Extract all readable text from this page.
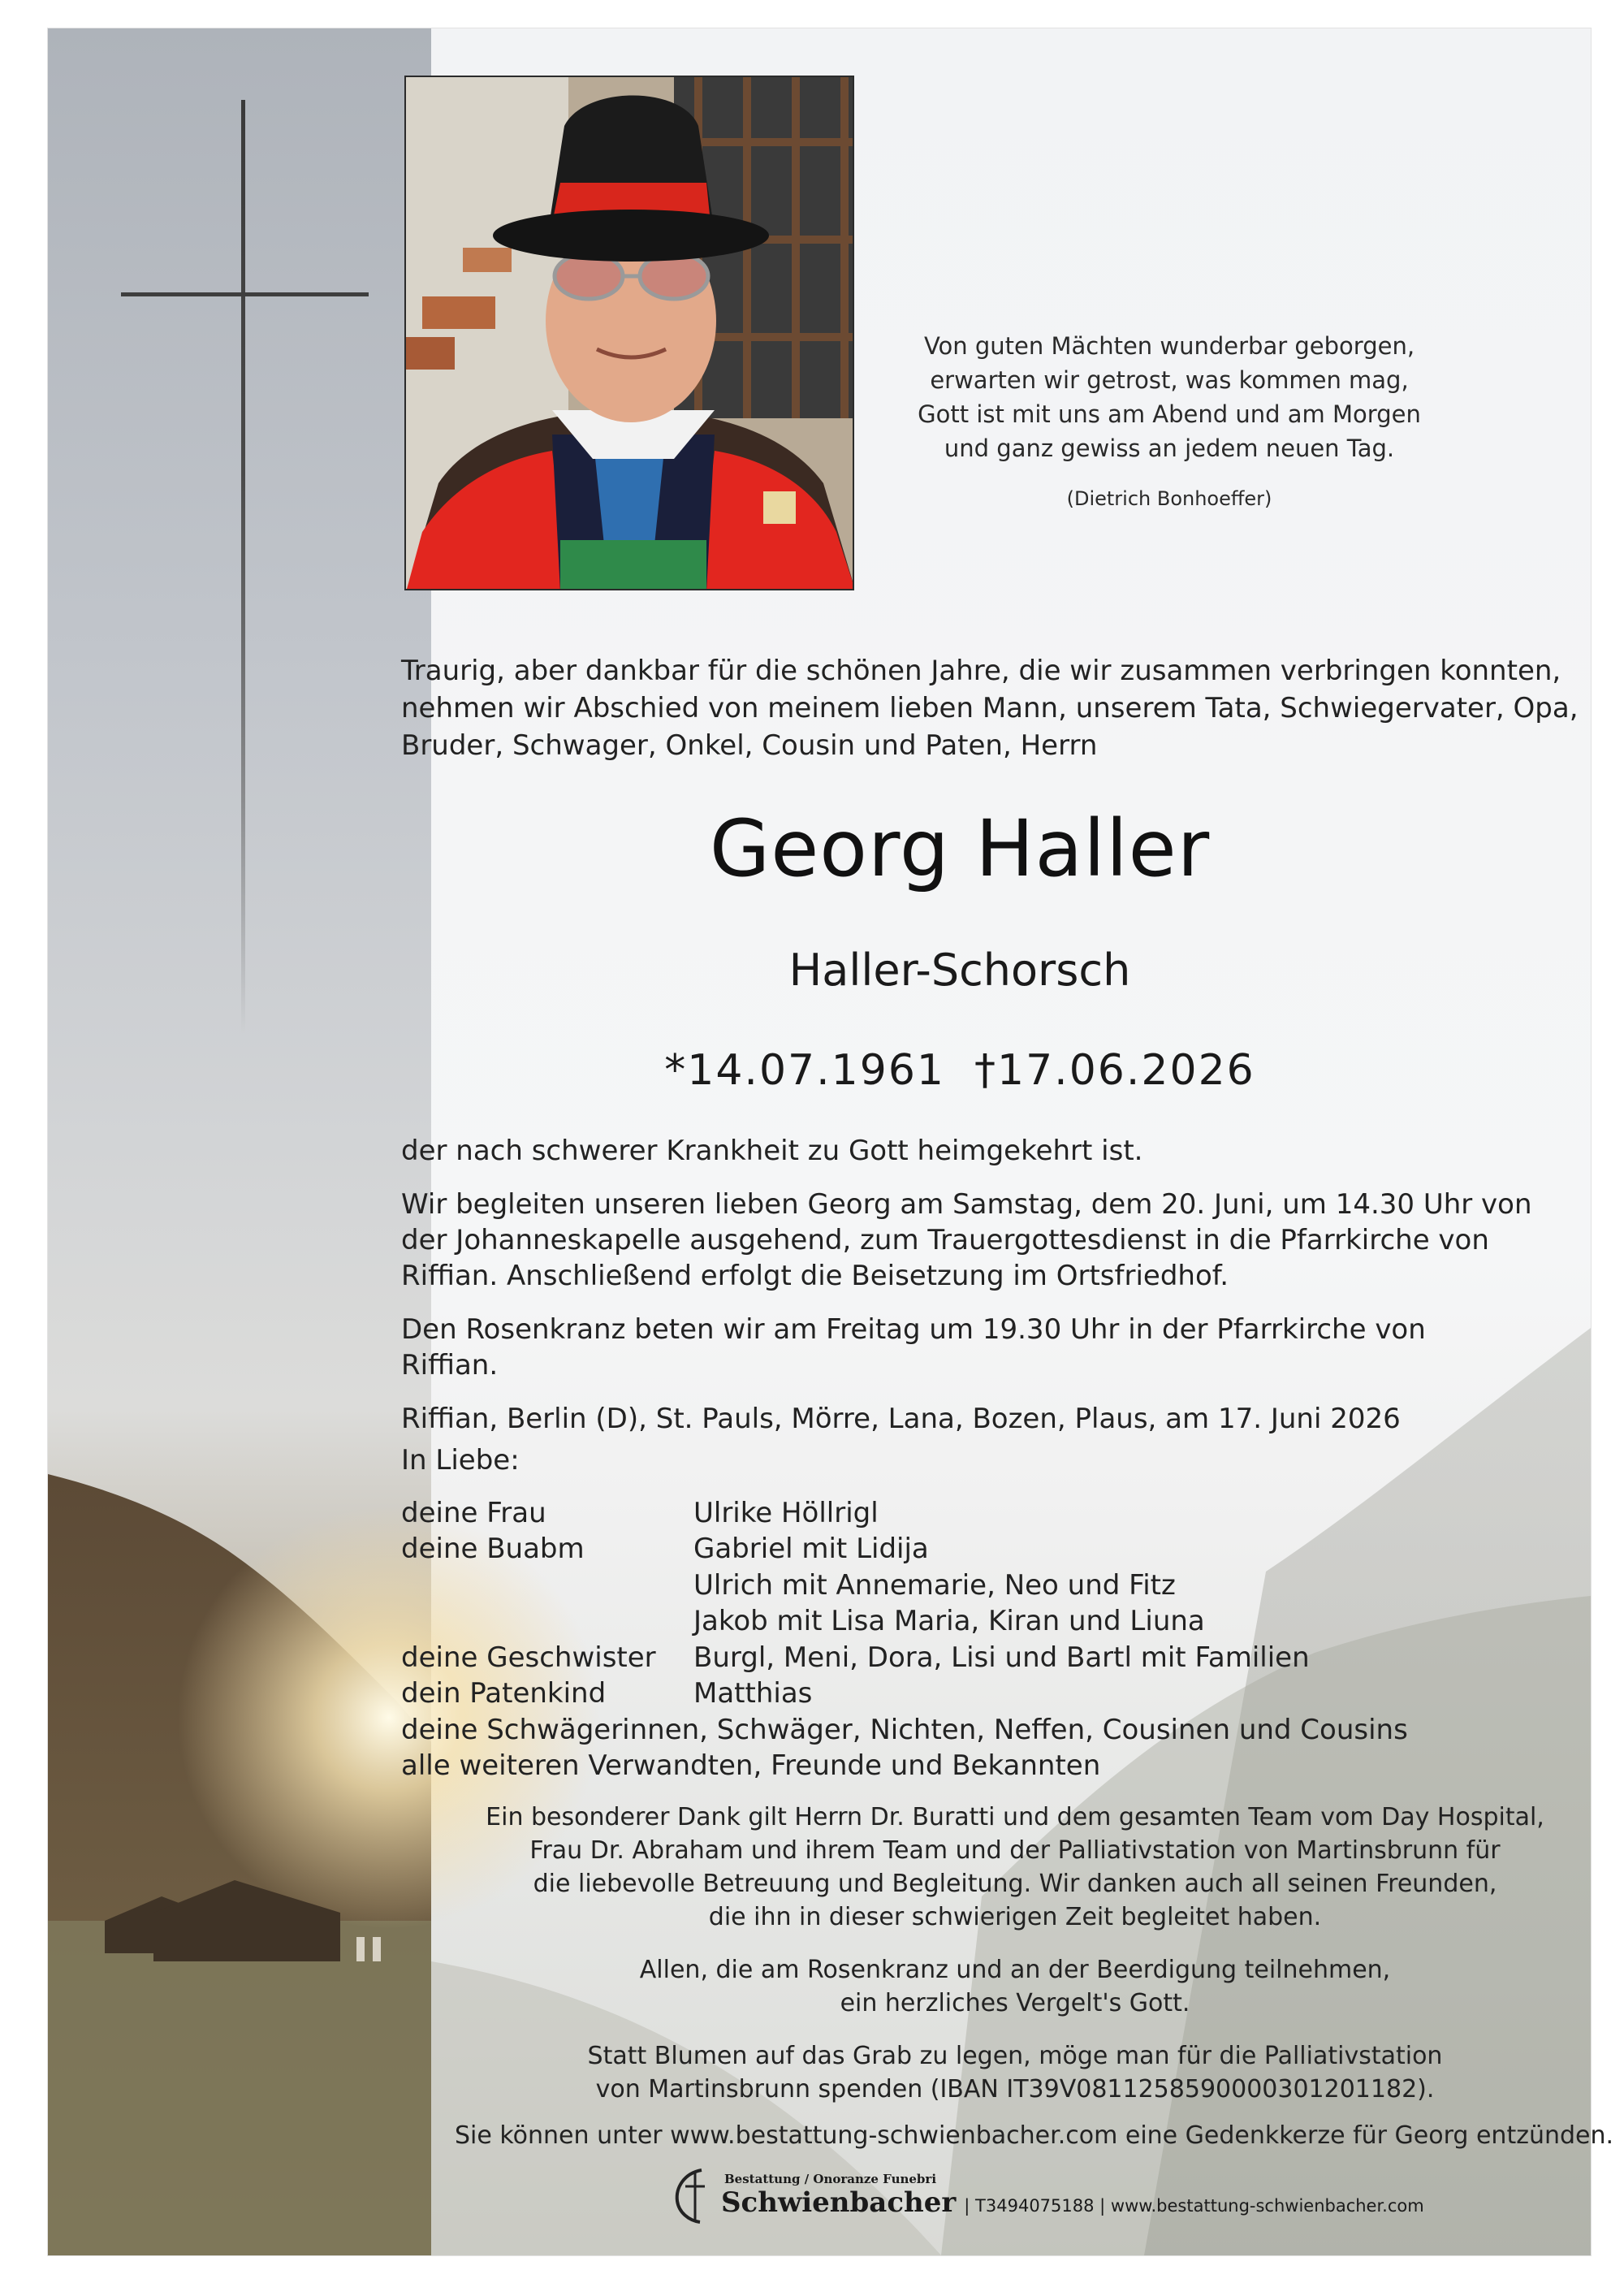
Von guten Mächten wunderbar geborgen,
erwarten wir getrost, was kommen mag,
Gott ist mit uns am Abend und am Morgen
und ganz gewiss an jedem neuen Tag.
(Dietrich Bonhoeffer)
Traurig, aber dankbar für die schönen Jahre, die wir zusammen verbringen konnten,
nehmen wir Abschied von meinem lieben Mann, unserem Tata, Schwiegervater, Opa,
Bruder, Schwager, Onkel, Cousin und Paten, Herrn
Georg Haller
Haller-Schorsch
*14.07.1961 †17.06.2026
der nach schwerer Krankheit zu Gott heimgekehrt ist.
Wir begleiten unseren lieben Georg am Samstag, dem 20. Juni, um 14.30 Uhr von
der Johanneskapelle ausgehend, zum Trauergottesdienst in die Pfarrkirche von
Riffian. Anschließend erfolgt die Beisetzung im Ortsfriedhof.
Den Rosenkranz beten wir am Freitag um 19.30 Uhr in der Pfarrkirche von Riffian.
Riffian, Berlin (D), St. Pauls, Mörre, Lana, Bozen, Plaus, am 17. Juni 2026
In Liebe:
deine Frau	Ulrike Höllrigl
deine Buabm	Gabriel mit Lidija
Ulrich mit Annemarie, Neo und Fitz
Jakob mit Lisa Maria, Kiran und Liuna
deine Geschwister	Burgl, Meni, Dora, Lisi und Bartl mit Familien
dein Patenkind	Matthias
deine Schwägerinnen, Schwäger, Nichten, Neffen, Cousinen und Cousins
alle weiteren Verwandten, Freunde und Bekannten
Ein besonderer Dank gilt Herrn Dr. Buratti und dem gesamten Team vom Day Hospital,
Frau Dr. Abraham und ihrem Team und der Palliativstation von Martinsbrunn für
die liebevolle Betreuung und Begleitung. Wir danken auch all seinen Freunden,
die ihn in dieser schwierigen Zeit begleitet haben.
Allen, die am Rosenkranz und an der Beerdigung teilnehmen,
ein herzliches Vergelt's Gott.
Statt Blumen auf das Grab zu legen, möge man für die Palliativstation
von Martinsbrunn spenden (IBAN IT39V0811258590000301201182).
Sie können unter www.bestattung-schwienbacher.com eine Gedenkkerze für Georg entzünden.
Bestattung / Onoranze Funebri
Schwienbacher | T3494075188 | www.bestattung-schwienbacher.com
